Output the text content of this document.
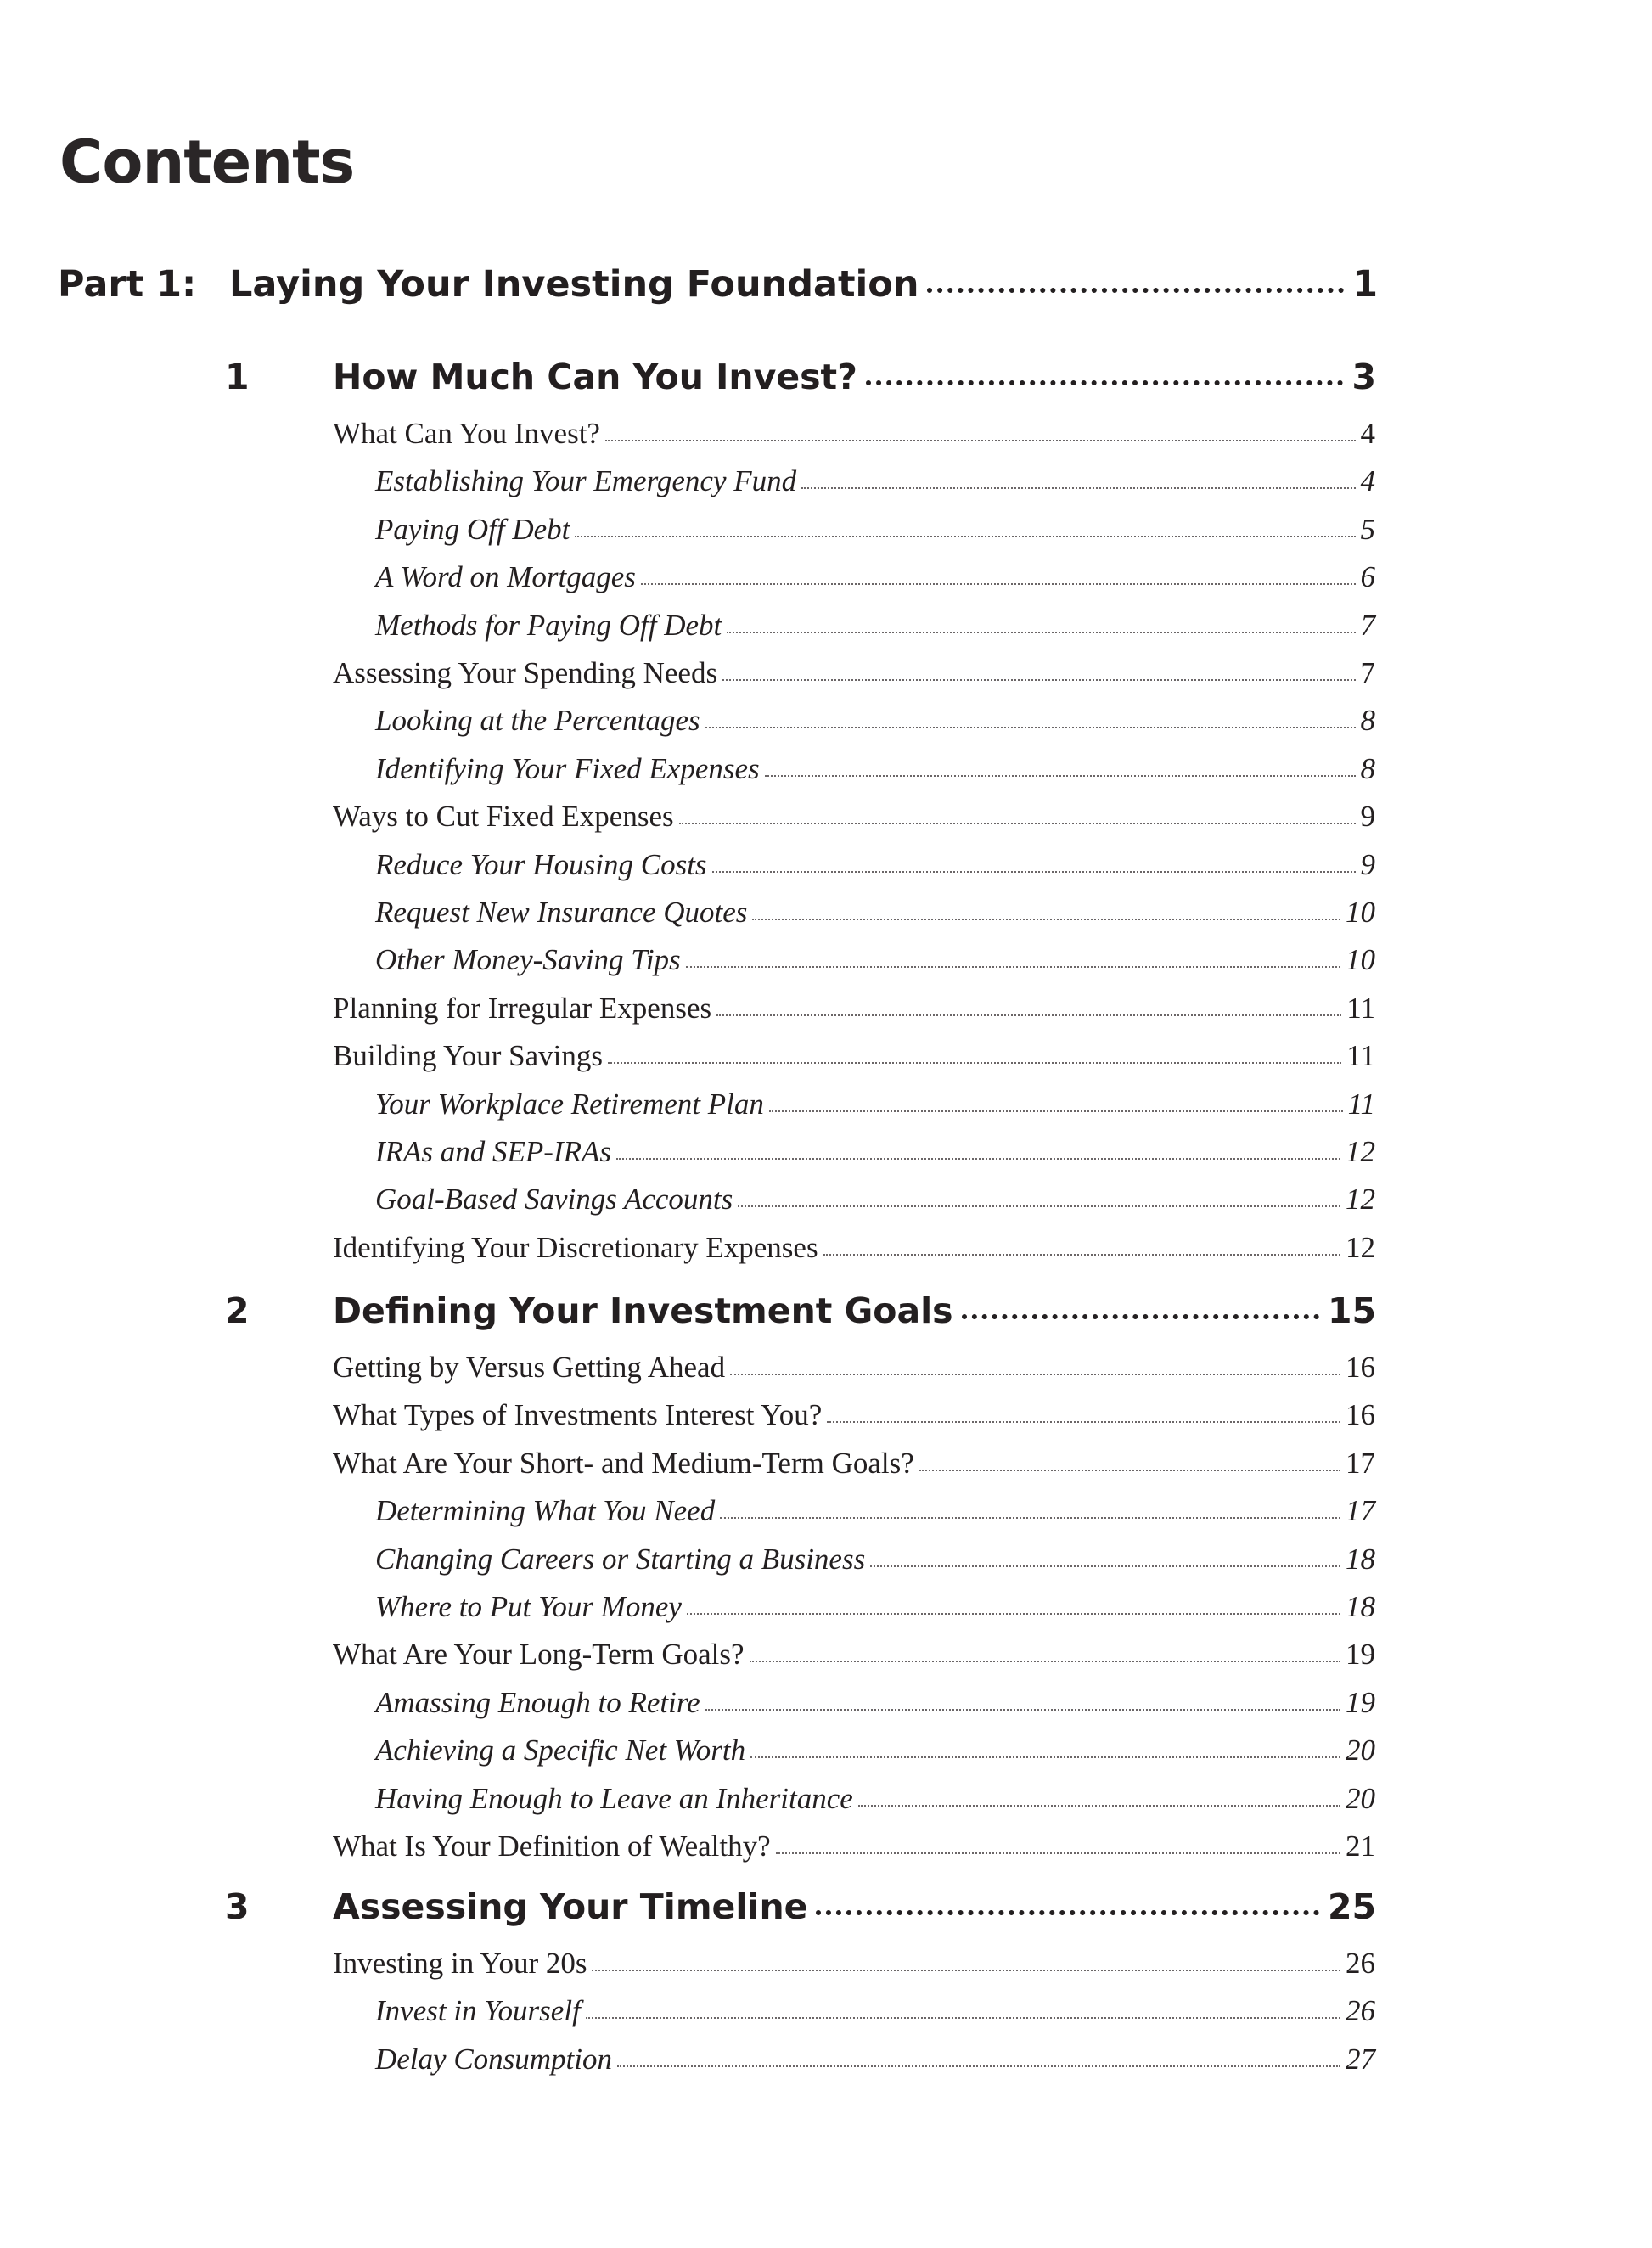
Contents
Part 1: Laying Your Investing Foundation	1
1	How Much Can You Invest?	3
What Can You Invest?	4
Establishing Your Emergency Fund	4
Paying Off Debt	5
A Word on Mortgages	6
Methods for Paying Off Debt	7
Assessing Your Spending Needs	7
Looking at the Percentages	8
Identifying Your Fixed Expenses	8
Ways to Cut Fixed Expenses	9
Reduce Your Housing Costs	9
Request New Insurance Quotes	10
Other Money-Saving Tips	10
Planning for Irregular Expenses	11
Building Your Savings	11
Your Workplace Retirement Plan	11
IRAs and SEP-IRAs	12
Goal-Based Savings Accounts	12
Identifying Your Discretionary Expenses	12
2	Defining Your Investment Goals	15
Getting by Versus Getting Ahead	16
What Types of Investments Interest You?	16
What Are Your Short- and Medium-Term Goals?	17
Determining What You Need	17
Changing Careers or Starting a Business	18
Where to Put Your Money	18
What Are Your Long-Term Goals?	19
Amassing Enough to Retire	19
Achieving a Specific Net Worth	20
Having Enough to Leave an Inheritance	20
What Is Your Definition of Wealthy?	21
3	Assessing Your Timeline	25
Investing in Your 20s	26
Invest in Yourself	26
Delay Consumption	27
